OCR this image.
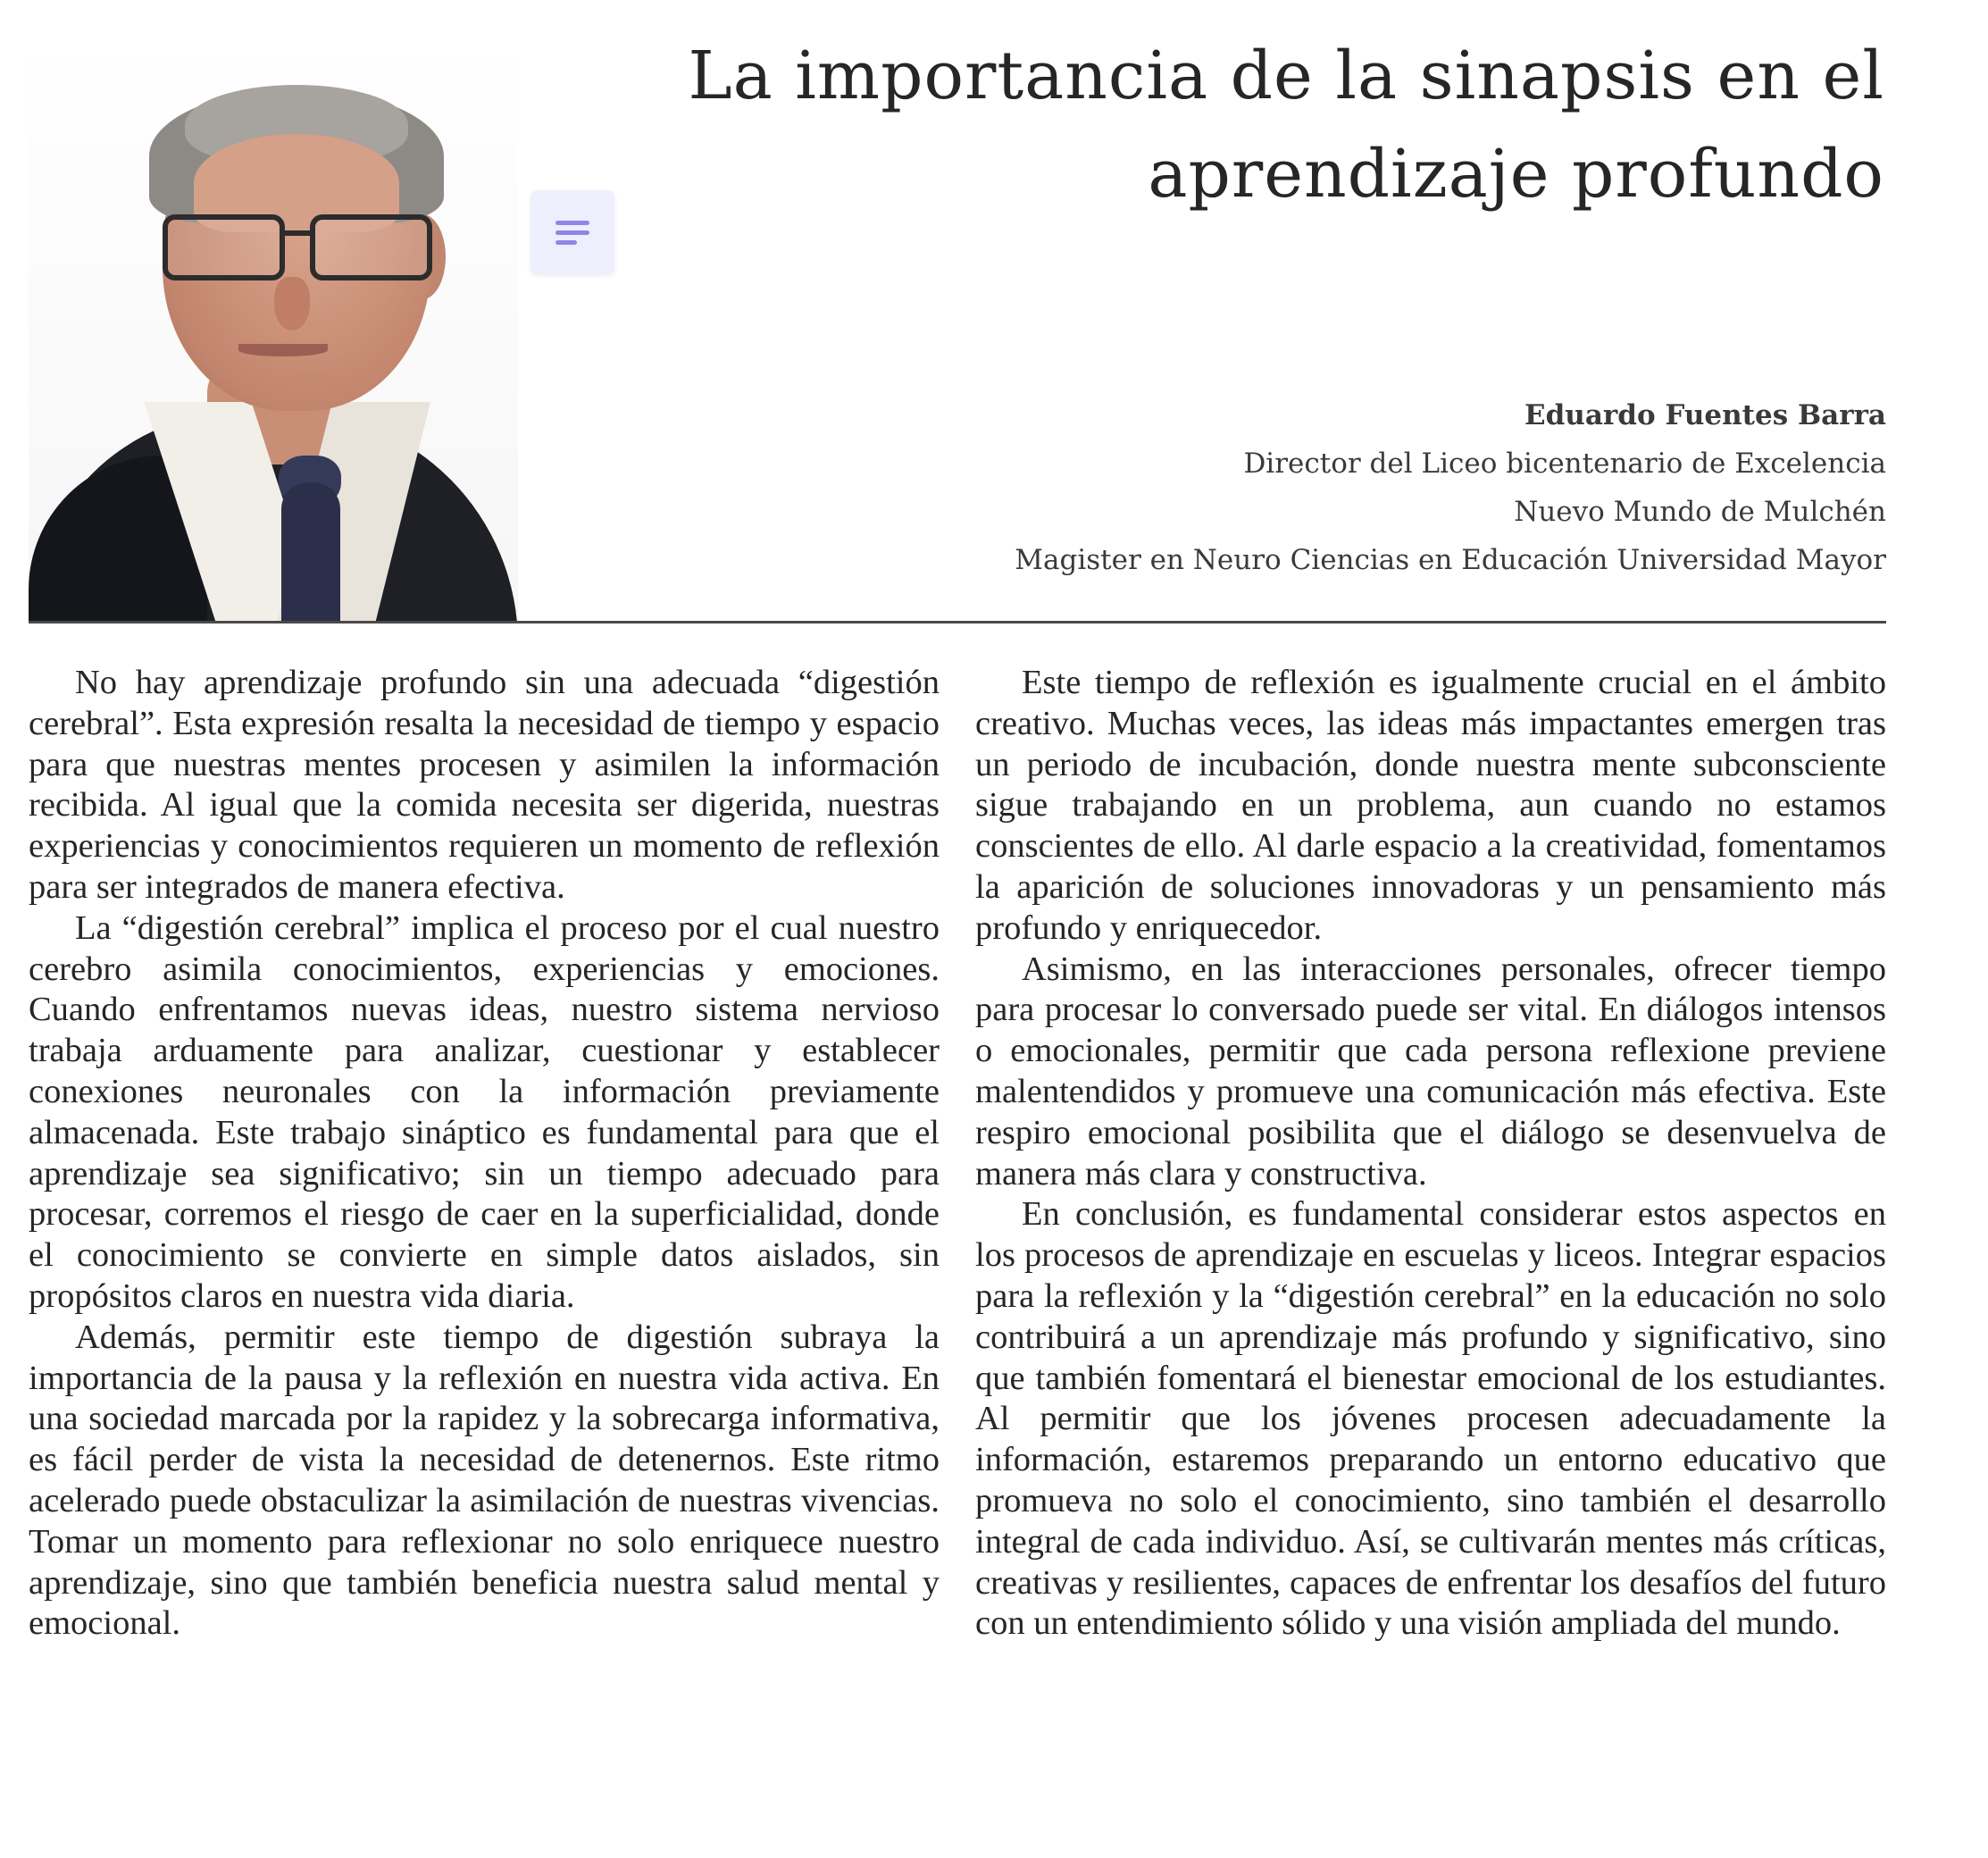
La importancia de la sinapsis en el aprendizaje profundo
Eduardo Fuentes Barra
Director del Liceo bicentenario de Excelencia
Nuevo Mundo de Mulchén
Magister en Neuro Ciencias en Educación Universidad Mayor

No hay aprendizaje profundo sin una adecuada “digestión cerebral”. Esta expresión resalta la necesidad de tiempo y espacio para que nuestras mentes procesen y asimilen la información recibida. Al igual que la comida necesita ser digerida, nuestras experiencias y conocimientos requieren un momento de reflexión para ser integrados de manera efectiva.

La “digestión cerebral” implica el proceso por el cual nuestro cerebro asimila conocimientos, experiencias y emociones. Cuando enfrentamos nuevas ideas, nuestro sistema nervioso trabaja arduamente para analizar, cuestionar y establecer conexiones neuronales con la información previamente almacenada. Este trabajo sináptico es fundamental para que el aprendizaje sea significativo; sin un tiempo adecuado para procesar, corremos el riesgo de caer en la superficialidad, donde el conocimiento se convierte en simple datos aislados, sin propósitos claros en nuestra vida diaria.

Además, permitir este tiempo de digestión subraya la importancia de la pausa y la reflexión en nuestra vida activa. En una sociedad marcada por la rapidez y la sobrecarga informativa, es fácil perder de vista la necesidad de detenernos. Este ritmo acelerado puede obstaculizar la asimilación de nuestras vivencias. Tomar un momento para reflexionar no solo enriquece nuestro aprendizaje, sino que también beneficia nuestra salud mental y emocional.

Este tiempo de reflexión es igualmente crucial en el ámbito creativo. Muchas veces, las ideas más impactantes emergen tras un periodo de incubación, donde nuestra mente subconsciente sigue trabajando en un problema, aun cuando no estamos conscientes de ello. Al darle espacio a la creatividad, fomentamos la aparición de soluciones innovadoras y un pensamiento más profundo y enriquecedor.

Asimismo, en las interacciones personales, ofrecer tiempo para procesar lo conversado puede ser vital. En diálogos intensos o emocionales, permitir que cada persona reflexione previene malentendidos y promueve una comunicación más efectiva. Este respiro emocional posibilita que el diálogo se desenvuelva de manera más clara y constructiva.

En conclusión, es fundamental considerar estos aspectos en los procesos de aprendizaje en escuelas y liceos. Integrar espacios para la reflexión y la “digestión cerebral” en la educación no solo contribuirá a un aprendizaje más profundo y significativo, sino que también fomentará el bienestar emocional de los estudiantes. Al permitir que los jóvenes procesen adecuadamente la información, estaremos preparando un entorno educativo que promueva no solo el conocimiento, sino también el desarrollo integral de cada individuo. Así, se cultivarán mentes más críticas, creativas y resilientes, capaces de enfrentar los desafíos del futuro con un entendimiento sólido y una visión ampliada del mundo.
